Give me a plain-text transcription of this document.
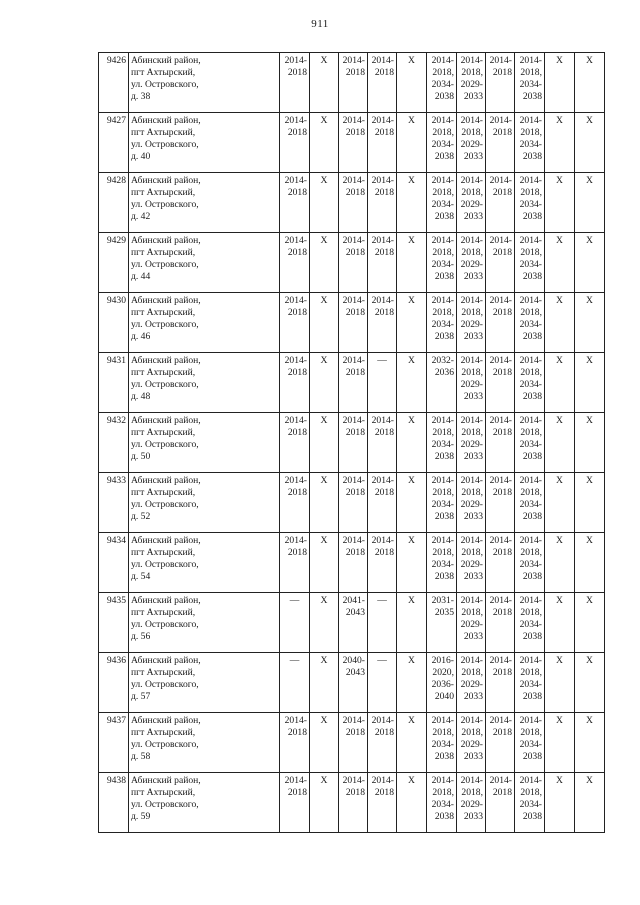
911
9426	Абинский район,
пгт Ахтырский,
ул. Островского,
д. 38	2014-
2018	X	2014-
2018	2014-
2018	X	2014-
2018,
2034-
2038	2014-
2018,
2029-
2033	2014-
2018	2014-
2018,
2034-
2038	X	X

9427	Абинский район,
пгт Ахтырский,
ул. Островского,
д. 40	2014-
2018	X	2014-
2018	2014-
2018	X	2014-
2018,
2034-
2038	2014-
2018,
2029-
2033	2014-
2018	2014-
2018,
2034-
2038	X	X

9428	Абинский район,
пгт Ахтырский,
ул. Островского,
д. 42	2014-
2018	X	2014-
2018	2014-
2018	X	2014-
2018,
2034-
2038	2014-
2018,
2029-
2033	2014-
2018	2014-
2018,
2034-
2038	X	X

9429	Абинский район,
пгт Ахтырский,
ул. Островского,
д. 44	2014-
2018	X	2014-
2018	2014-
2018	X	2014-
2018,
2034-
2038	2014-
2018,
2029-
2033	2014-
2018	2014-
2018,
2034-
2038	X	X

9430	Абинский район,
пгт Ахтырский,
ул. Островского,
д. 46	2014-
2018	X	2014-
2018	2014-
2018	X	2014-
2018,
2034-
2038	2014-
2018,
2029-
2033	2014-
2018	2014-
2018,
2034-
2038	X	X

9431	Абинский район,
пгт Ахтырский,
ул. Островского,
д. 48	2014-
2018	X	2014-
2018	—	X	2032-
2036	2014-
2018,
2029-
2033	2014-
2018	2014-
2018,
2034-
2038	X	X

9432	Абинский район,
пгт Ахтырский,
ул. Островского,
д. 50	2014-
2018	X	2014-
2018	2014-
2018	X	2014-
2018,
2034-
2038	2014-
2018,
2029-
2033	2014-
2018	2014-
2018,
2034-
2038	X	X

9433	Абинский район,
пгт Ахтырский,
ул. Островского,
д. 52	2014-
2018	X	2014-
2018	2014-
2018	X	2014-
2018,
2034-
2038	2014-
2018,
2029-
2033	2014-
2018	2014-
2018,
2034-
2038	X	X

9434	Абинский район,
пгт Ахтырский,
ул. Островского,
д. 54	2014-
2018	X	2014-
2018	2014-
2018	X	2014-
2018,
2034-
2038	2014-
2018,
2029-
2033	2014-
2018	2014-
2018,
2034-
2038	X	X

9435	Абинский район,
пгт Ахтырский,
ул. Островского,
д. 56	—	X	2041-
2043	—	X	2031-
2035	2014-
2018,
2029-
2033	2014-
2018	2014-
2018,
2034-
2038	X	X

9436	Абинский район,
пгт Ахтырский,
ул. Островского,
д. 57	—	X	2040-
2043	—	X	2016-
2020,
2036-
2040	2014-
2018,
2029-
2033	2014-
2018	2014-
2018,
2034-
2038	X	X

9437	Абинский район,
пгт Ахтырский,
ул. Островского,
д. 58	2014-
2018	X	2014-
2018	2014-
2018	X	2014-
2018,
2034-
2038	2014-
2018,
2029-
2033	2014-
2018	2014-
2018,
2034-
2038	X	X

9438	Абинский район,
пгт Ахтырский,
ул. Островского,
д. 59	2014-
2018	X	2014-
2018	2014-
2018	X	2014-
2018,
2034-
2038	2014-
2018,
2029-
2033	2014-
2018	2014-
2018,
2034-
2038	X	X
